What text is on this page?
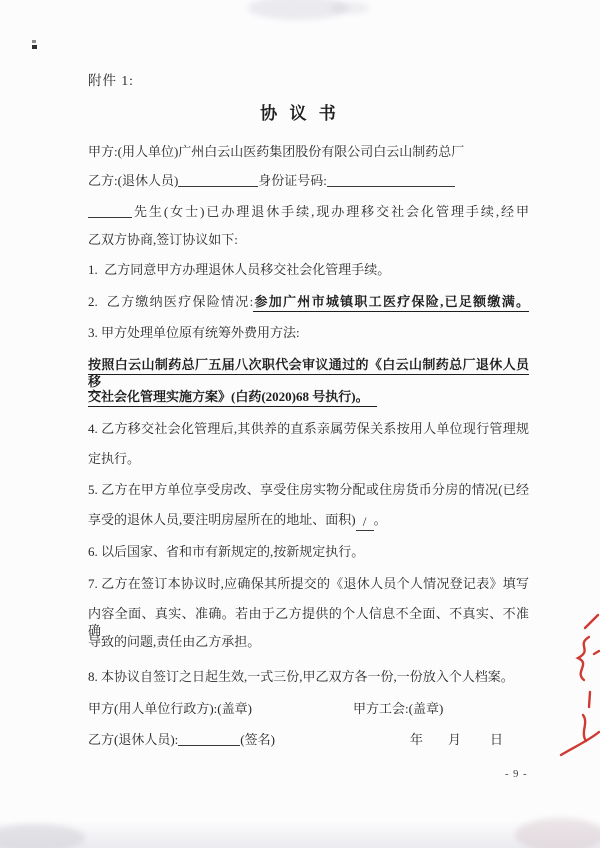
附件 1:
协 议 书
甲方:(用人单位)广州白云山医药集团股份有限公司白云山制药总厂
乙方:(退休人员)	身份证号码:
先生(女士)已办理退休手续,现办理移交社会化管理手续,经甲
乙双方协商,签订协议如下:
1.  乙方同意甲方办理退休人员移交社会化管理手续。
2.  乙方缴纳医疗保险情况:参加广州市城镇职工医疗保险,已足额缴满。
3. 甲方处理单位原有统筹外费用方法:
按照白云山制药总厂五届八次职代会审议通过的《白云山制药总厂退休人员移
交社会化管理实施方案》(白药(2020)68 号执行)。
4. 乙方移交社会化管理后,其供养的直系亲属劳保关系按用人单位现行管理规
定执行。
5. 乙方在甲方单位享受房改、享受住房实物分配或住房货币分房的情况(已经
享受的退休人员,要注明房屋所在的地址、面积) / 。
6. 以后国家、省和市有新规定的,按新规定执行。
7. 乙方在签订本协议时,应确保其所提交的《退休人员个人情况登记表》填写
内容全面、真实、准确。若由于乙方提供的个人信息不全面、不真实、不准确
导致的问题,责任由乙方承担。
8. 本协议自签订之日起生效,一式三份,甲乙双方各一份,一份放入个人档案。
甲方(用人单位行政方):(盖章)	甲方工会:(盖章)
乙方(退休人员):	(签名)	年 月 日
- 9 -
